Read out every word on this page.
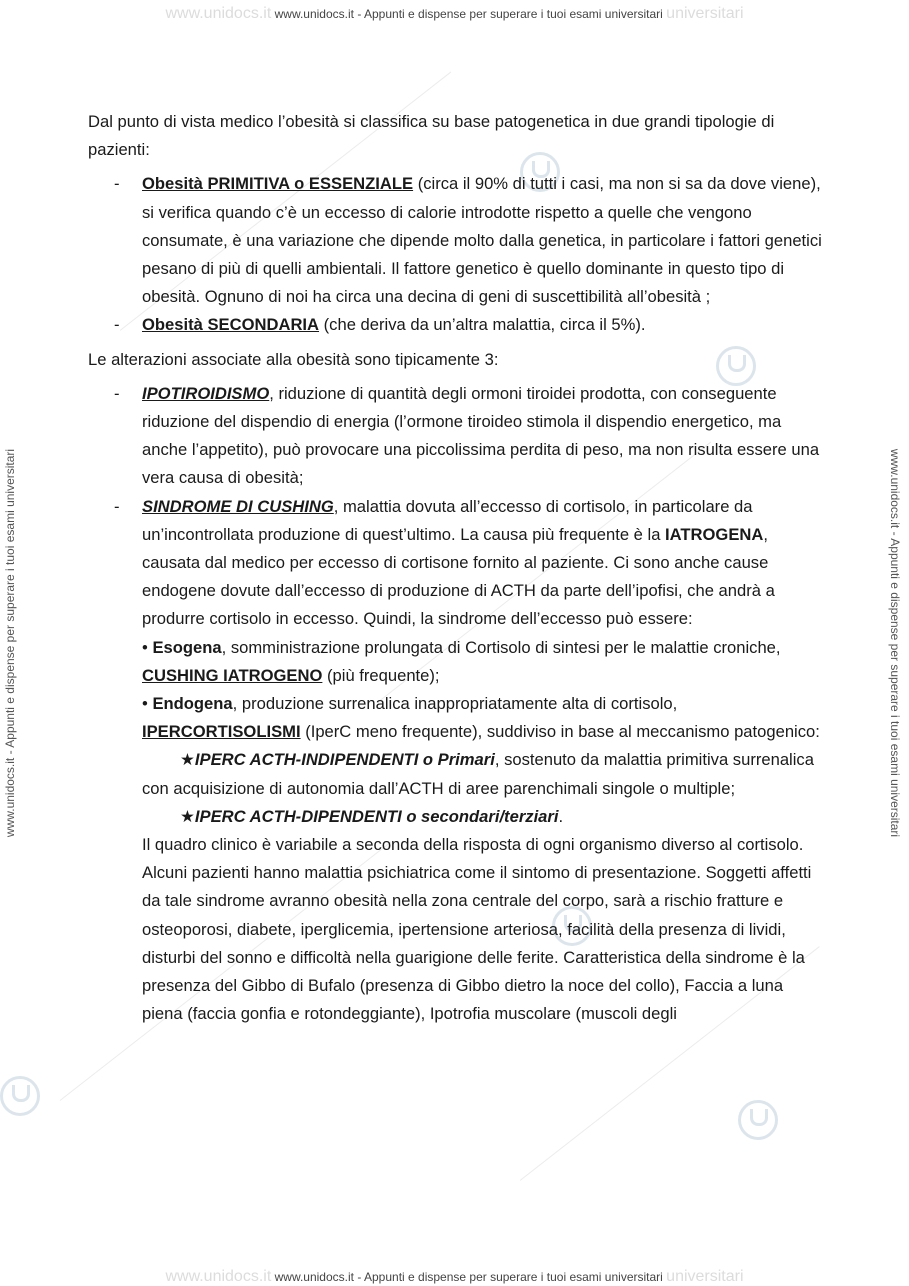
www.unidocs.it www.unidocs.it - Appunti e dispense per superare i tuoi esami universitari universitari
www.unidocs.it - Appunti e dispense per superare i tuoi esami universitari	www.unidocs.it - Appunti e dispense per superare i tuoi esami universitari

Dal punto di vista medico l’obesità si classifica su base patogenetica in due grandi tipologie di pazienti:

- Obesità PRIMITIVA o ESSENZIALE (circa il 90% di tutti i casi, ma non si sa da dove viene), si verifica quando c’è un eccesso di calorie introdotte rispetto a quelle che vengono consumate, è una variazione che dipende molto dalla genetica, in particolare i fattori genetici pesano di più di quelli ambientali. Il fattore genetico è quello dominante in questo tipo di obesità. Ognuno di noi ha circa una decina di geni di suscettibilità all’obesità ;
- Obesità SECONDARIA (che deriva da un’altra malattia, circa il 5%).

Le alterazioni associate alla obesità sono tipicamente 3:

- IPOTIROIDISMO, riduzione di quantità degli ormoni tiroidei prodotta, con conseguente riduzione del dispendio di energia (l’ormone tiroideo stimola il dispendio energetico, ma anche l’appetito), può provocare una piccolissima perdita di peso, ma non risulta essere una vera causa di obesità;
- SINDROME DI CUSHING, malattia dovuta all’eccesso di cortisolo, in particolare da un’incontrollata produzione di quest’ultimo. La causa più frequente è la IATROGENA, causata dal medico per eccesso di cortisone fornito al paziente. Ci sono anche cause endogene dovute dall’eccesso di produzione di ACTH da parte dell’ipofisi, che andrà a produrre cortisolo in eccesso. Quindi, la sindrome dell’eccesso può essere:
• Esogena, somministrazione prolungata di Cortisolo di sintesi per le malattie croniche, CUSHING IATROGENO (più frequente);
• Endogena, produzione surrenalica inappropriatamente alta di cortisolo, IPERCORTISOLISMI (IperC meno frequente), suddiviso in base al meccanismo patogenico:
★IPERC ACTH-INDIPENDENTI o Primari, sostenuto da malattia primitiva surrenalica con acquisizione di autonomia dall’ACTH di aree parenchimali singole o multiple;
★IPERC ACTH-DIPENDENTI o secondari/terziari.
Il quadro clinico è variabile a seconda della risposta di ogni organismo diverso al cortisolo. Alcuni pazienti hanno malattia psichiatrica come il sintomo di presentazione. Soggetti affetti da tale sindrome avranno obesità nella zona centrale del corpo, sarà a rischio fratture e osteoporosi, diabete, iperglicemia, ipertensione arteriosa, facilità della presenza di lividi, disturbi del sonno e difficoltà nella guarigione delle ferite. Caratteristica della sindrome è la presenza del Gibbo di Bufalo (presenza di Gibbo dietro la noce del collo), Faccia a luna piena (faccia gonfia e rotondeggiante), Ipotrofia muscolare (muscoli degli
www.unidocs.it www.unidocs.it - Appunti e dispense per superare i tuoi esami universitari universitari
